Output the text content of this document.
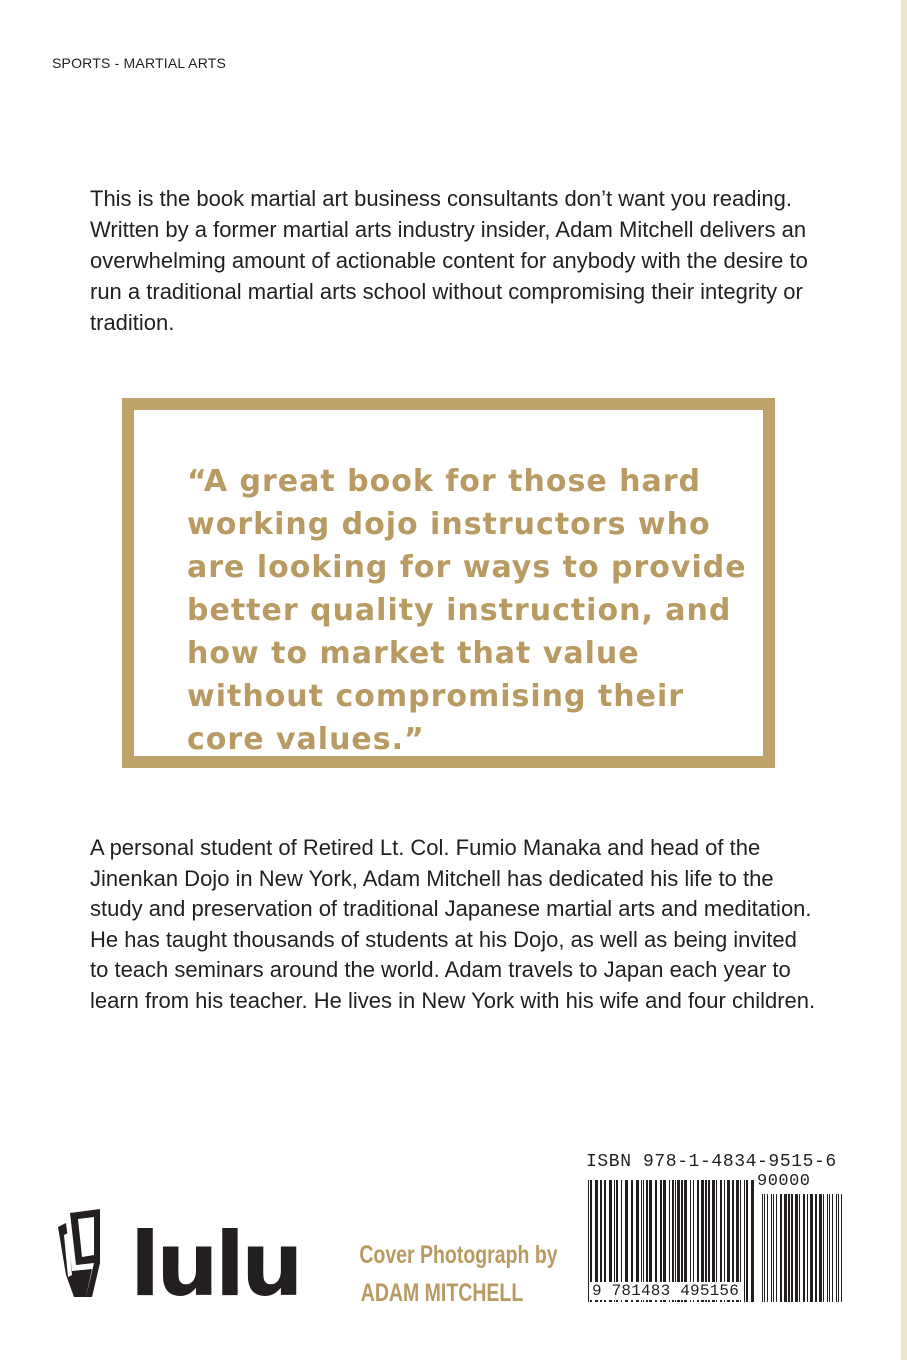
SPORTS - MARTIAL ARTS

This is the book martial art business consultants don’t want you reading. Written by a former martial arts industry insider, Adam Mitchell delivers an overwhelming amount of actionable content for anybody with the desire to run a traditional martial arts school without compromising their integrity or tradition.

“A great book for those hard working dojo instructors who are looking for ways to provide better quality instruction, and how to market that value without compromising their core values.”

A personal student of Retired Lt. Col. Fumio Manaka and head of the Jinenkan Dojo in New York, Adam Mitchell has dedicated his life to the study and preservation of traditional Japanese martial arts and meditation. He has taught thousands of students at his Dojo, as well as being invited to teach seminars around the world. Adam travels to Japan each year to learn from his teacher. He lives in New York with his wife and four children.

lulu Cover Photograph by
ADAM MITCHELL
ISBN 978-1-4834-9515-6
90000
9 781483 495156
